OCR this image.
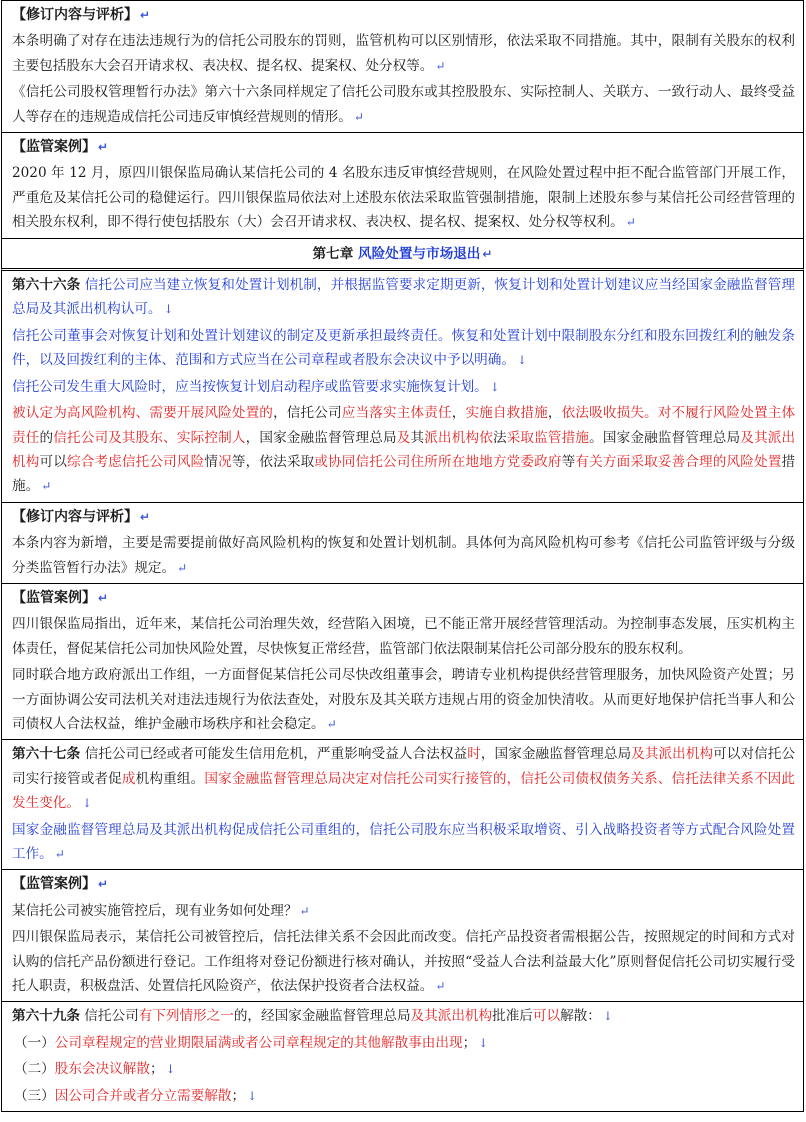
【修订内容与评析】 ↵

本条明确了对存在违法违规行为的信托公司股东的罚则，监管机构可以区别情形，依法采取不同措施。其中，限制有关股东的权利主要包括股东大会召开请求权、表决权、提名权、提案权、处分权等。 ↵

《信托公司股权管理暂行办法》第六十六条同样规定了信托公司股东或其控股股东、实际控制人、关联方、一致行动人、最终受益人等存在的违规造成信托公司违反审慎经营规则的情形。 ↵

【监管案例】 ↵

2020 年 12 月，原四川银保监局确认某信托公司的 4 名股东违反审慎经营规则，在风险处置过程中拒不配合监管部门开展工作，严重危及某信托公司的稳健运行。四川银保监局依法对上述股东依法采取监管强制措施，限制上述股东参与某信托公司经营管理的相关股东权利，即不得行使包括股东（大）会召开请求权、表决权、提名权、提案权、处分权等权利。 ↵

第七章 风险处置与市场退出 ↵

第六十六条 信托公司应当建立恢复和处置计划机制，并根据监管要求定期更新，恢复计划和处置计划建议应当经国家金融监督管理总局及其派出机构认可。 ↓

信托公司董事会对恢复计划和处置计划建议的制定及更新承担最终责任。恢复和处置计划中限制股东分红和股东回拨红利的触发条件，以及回拨红利的主体、范围和方式应当在公司章程或者股东会决议中予以明确。 ↓

信托公司发生重大风险时，应当按恢复计划启动程序或监管要求实施恢复计划。 ↓

被认定为高风险机构、需要开展风险处置的，信托公司应当落实主体责任，实施自救措施，依法吸收损失。对不履行风险处置主体责任的信托公司及其股东、实际控制人，国家金融监督管理总局及其派出机构依法采取监管措施。国家金融监督管理总局及其派出机构可以综合考虑信托公司风险情况等，依法采取或协同信托公司住所所在地地方党委政府等有关方面采取妥善合理的风险处置措施。 ↵

【修订内容与评析】 ↵

本条内容为新增，主要是需要提前做好高风险机构的恢复和处置计划机制。具体何为高风险机构可参考《信托公司监管评级与分级分类监管暂行办法》规定。 ↵

【监管案例】 ↵

四川银保监局指出，近年来，某信托公司治理失效，经营陷入困境，已不能正常开展经营管理活动。为控制事态发展，压实机构主体责任，督促某信托公司加快风险处置，尽快恢复正常经营，监管部门依法限制某信托公司部分股东的股东权利。

同时联合地方政府派出工作组，一方面督促某信托公司尽快改组董事会，聘请专业机构提供经营管理服务，加快风险资产处置；另一方面协调公安司法机关对违法违规行为依法查处，对股东及其关联方违规占用的资金加快清收。从而更好地保护信托当事人和公司债权人合法权益，维护金融市场秩序和社会稳定。 ↵

第六十七条 信托公司已经或者可能发生信用危机，严重影响受益人合法权益时，国家金融监督管理总局及其派出机构可以对信托公司实行接管或者促成机构重组。国家金融监督管理总局决定对信托公司实行接管的，信托公司债权债务关系、信托法律关系不因此发生变化。 ↓

国家金融监督管理总局及其派出机构促成信托公司重组的，信托公司股东应当积极采取增资、引入战略投资者等方式配合风险处置工作。 ↵

【监管案例】 ↵

某信托公司被实施管控后，现有业务如何处理？ ↵

四川银保监局表示，某信托公司被管控后，信托法律关系不会因此而改变。信托产品投资者需根据公告，按照规定的时间和方式对认购的信托产品份额进行登记。工作组将对登记份额进行核对确认，并按照“受益人合法利益最大化”原则督促信托公司切实履行受托人职责，积极盘活、处置信托风险资产，依法保护投资者合法权益。 ↵

第六十九条 信托公司有下列情形之一的，经国家金融监督管理总局及其派出机构批准后可以解散： ↓

（一）公司章程规定的营业期限届满或者公司章程规定的其他解散事由出现； ↓

（二）股东会决议解散； ↓

（三）因公司合并或者分立需要解散； ↓
